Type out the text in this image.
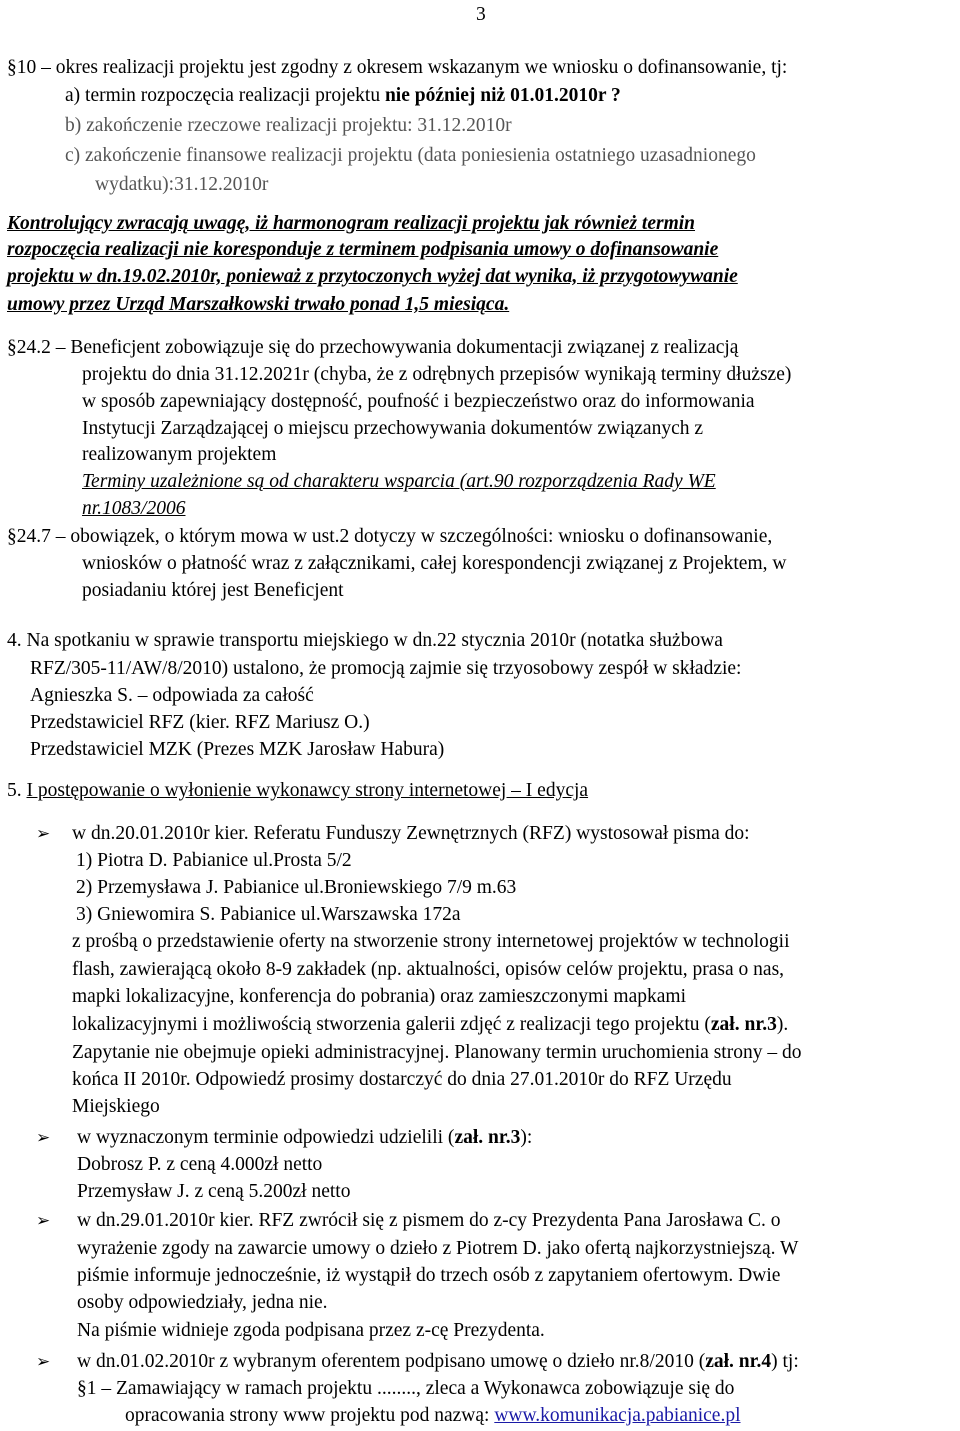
3
§10 – okres realizacji projektu jest zgodny z okresem wskazanym we wniosku o dofinansowanie, tj:
a) termin rozpoczęcia realizacji projektu nie później niż 01.01.2010r ?
b) zakończenie rzeczowe realizacji projektu: 31.12.2010r
c) zakończenie finansowe realizacji projektu (data poniesienia ostatniego uzasadnionego
wydatku):31.12.2010r
Kontrolujący zwracają uwagę, iż harmonogram realizacji projektu jak również termin
rozpoczęcia realizacji nie koresponduje z terminem podpisania umowy o dofinansowanie
projektu w dn.19.02.2010r, ponieważ z przytoczonych wyżej dat wynika, iż przygotowywanie
umowy przez Urząd Marszałkowski trwało ponad 1,5 miesiąca.
§24.2 – Beneficjent zobowiązuje się do przechowywania dokumentacji związanej z realizacją
projektu do dnia 31.12.2021r (chyba, że z odrębnych przepisów wynikają terminy dłuższe)
w sposób zapewniający dostępność, poufność i bezpieczeństwo oraz do informowania
Instytucji Zarządzającej o miejscu przechowywania dokumentów związanych z
realizowanym projektem
Terminy uzależnione są od charakteru wsparcia (art.90 rozporządzenia Rady WE
nr.1083/2006
§24.7 – obowiązek, o którym mowa w ust.2 dotyczy w szczególności: wniosku o dofinansowanie,
wniosków o płatność wraz z załącznikami, całej korespondencji związanej z Projektem, w
posiadaniu której jest Beneficjent
4. Na spotkaniu w sprawie transportu miejskiego w dn.22 stycznia 2010r (notatka służbowa
RFZ/305-11/AW/8/2010) ustalono, że promocją zajmie się trzyosobowy zespół w składzie:
Agnieszka S. – odpowiada za całość
Przedstawiciel RFZ (kier. RFZ Mariusz O.)
Przedstawiciel MZK (Prezes MZK Jarosław Habura)
5. I postępowanie o wyłonienie wykonawcy strony internetowej – I edycja
➢ w dn.20.01.2010r kier. Referatu Funduszy Zewnętrznych (RFZ) wystosował pisma do:
1) Piotra D. Pabianice ul.Prosta 5/2
2) Przemysława J. Pabianice ul.Broniewskiego 7/9 m.63
3) Gniewomira S. Pabianice ul.Warszawska 172a
z prośbą o przedstawienie oferty na stworzenie strony internetowej projektów w technologii
flash, zawierającą około 8-9 zakładek (np. aktualności, opisów celów projektu, prasa o nas,
mapki lokalizacyjne, konferencja do pobrania) oraz zamieszczonymi mapkami
lokalizacyjnymi i możliwością stworzenia galerii zdjęć z realizacji tego projektu (zał. nr.3).
Zapytanie nie obejmuje opieki administracyjnej. Planowany termin uruchomienia strony – do
końca II 2010r. Odpowiedź prosimy dostarczyć do dnia 27.01.2010r do RFZ Urzędu
Miejskiego
➢ w wyznaczonym terminie odpowiedzi udzielili (zał. nr.3):
Dobrosz P. z ceną 4.000zł netto
Przemysław J. z ceną 5.200zł netto
➢ w dn.29.01.2010r kier. RFZ zwrócił się z pismem do z-cy Prezydenta Pana Jarosława C. o
wyrażenie zgody na zawarcie umowy o dzieło z Piotrem D. jako ofertą najkorzystniejszą. W
piśmie informuje jednocześnie, iż wystąpił do trzech osób z zapytaniem ofertowym. Dwie
osoby odpowiedziały, jedna nie.
Na piśmie widnieje zgoda podpisana przez z-cę Prezydenta.
➢ w dn.01.02.2010r z wybranym oferentem podpisano umowę o dzieło nr.8/2010 (zał. nr.4) tj:
§1 – Zamawiający w ramach projektu ........, zleca a Wykonawca zobowiązuje się do
opracowania strony www projektu pod nazwą: www.komunikacja.pabianice.pl
